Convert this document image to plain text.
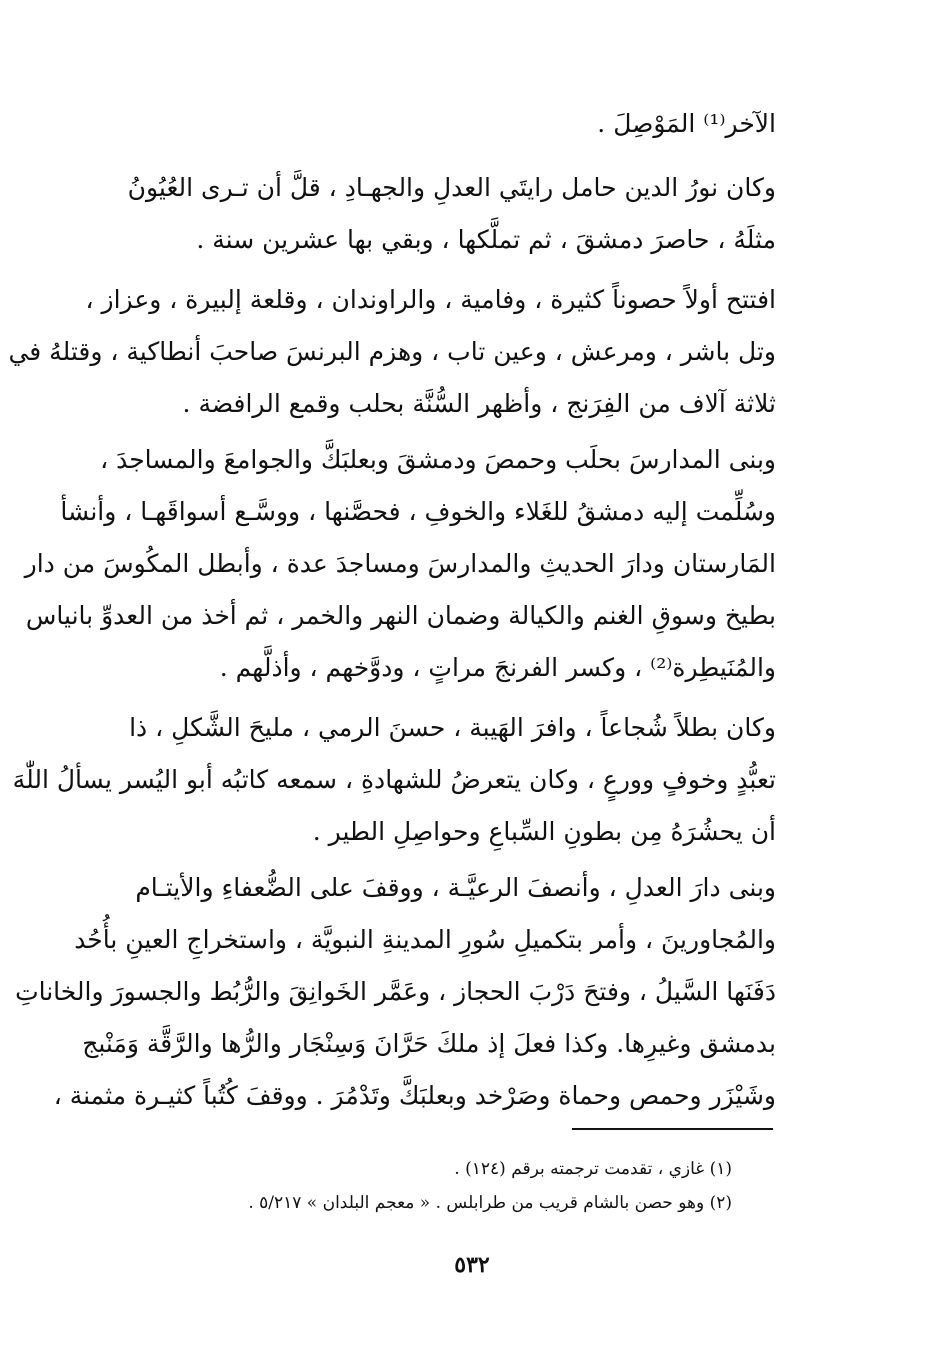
الآخر⁽¹⁾ المَوْصِلَ .

وكان نورُ الدين حامل رايتَي العدلِ والجهـادِ ، قلَّ أن تـرى العُيُونُ
مثلَهُ ، حاصرَ دمشقَ ، ثم تملَّكها ، وبقي بها عشرين سنة .

افتتح أولاً حصوناً كثيرة ، وفامية ، والراوندان ، وقلعة إلبيرة ، وعزاز ،
وتل باشر ، ومرعش ، وعين تاب ، وهزم البرنسَ صاحبَ أنطاكية ، وقتلهُ في
ثلاثة آلاف من الفِرَنج ، وأظهر السُّنَّة بحلب وقمع الرافضة .

وبنى المدارسَ بحلَب وحمصَ ودمشقَ وبعلبَكَّ والجوامعَ والمساجدَ ،
وسُلِّمت إليه دمشقُ للغَلاء والخوفِ ، فحصَّنها ، ووسَّـع أسواقَهـا ، وأنشأ
المَارستان ودارَ الحديثِ والمدارسَ ومساجدَ عدة ، وأبطل المكُوسَ من دار
بطيخ وسوقِ الغنم والكيالة وضمان النهر والخمر ، ثم أخذ من العدوِّ بانياس
والمُنَيطِرة⁽²⁾ ، وكسر الفرنجَ مراتٍ ، ودوَّخهم ، وأذلَّهم .

وكان بطلاً شُجاعاً ، وافرَ الهَيبة ، حسنَ الرمي ، مليحَ الشَّكلِ ، ذا
تعبُّدٍ وخوفٍ وورعٍ ، وكان يتعرضُ للشهادةِ ، سمعه كاتبُه أبو اليُسر يسألُ اللّٰهَ
أن يحشُرَهُ مِن بطونِ السِّباعِ وحواصِلِ الطير .

وبنى دارَ العدلِ ، وأنصفَ الرعيَّـة ، ووقفَ على الضُّعفاءِ والأيتـام
والمُجاورينَ ، وأمر بتكميلِ سُورِ المدينةِ النبويَّة ، واستخراجِ العينِ بأُحُد
دَفَنَها السَّيلُ ، وفتحَ دَرْبَ الحجاز ، وعَمَّر الخَوانِقَ والرُّبُط والجسورَ والخاناتِ
بدمشق وغيرِها. وكذا فعلَ إذ ملكَ حَرَّانَ وَسِنْجَار والرُّها والرَّقَّة وَمَنْبج
وشَيْزَر وحمص وحماة وصَرْخد وبعلبَكَّ وتَدْمُرَ . ووقفَ كُتُباً كثيـرة مثمنة ،

(١) غازي ، تقدمت ترجمته برقم (١٢٤) .
(٢) وهو حصن بالشام قريب من طرابلس . « معجم البلدان » ٥/٢١٧ .
٥٣٢
